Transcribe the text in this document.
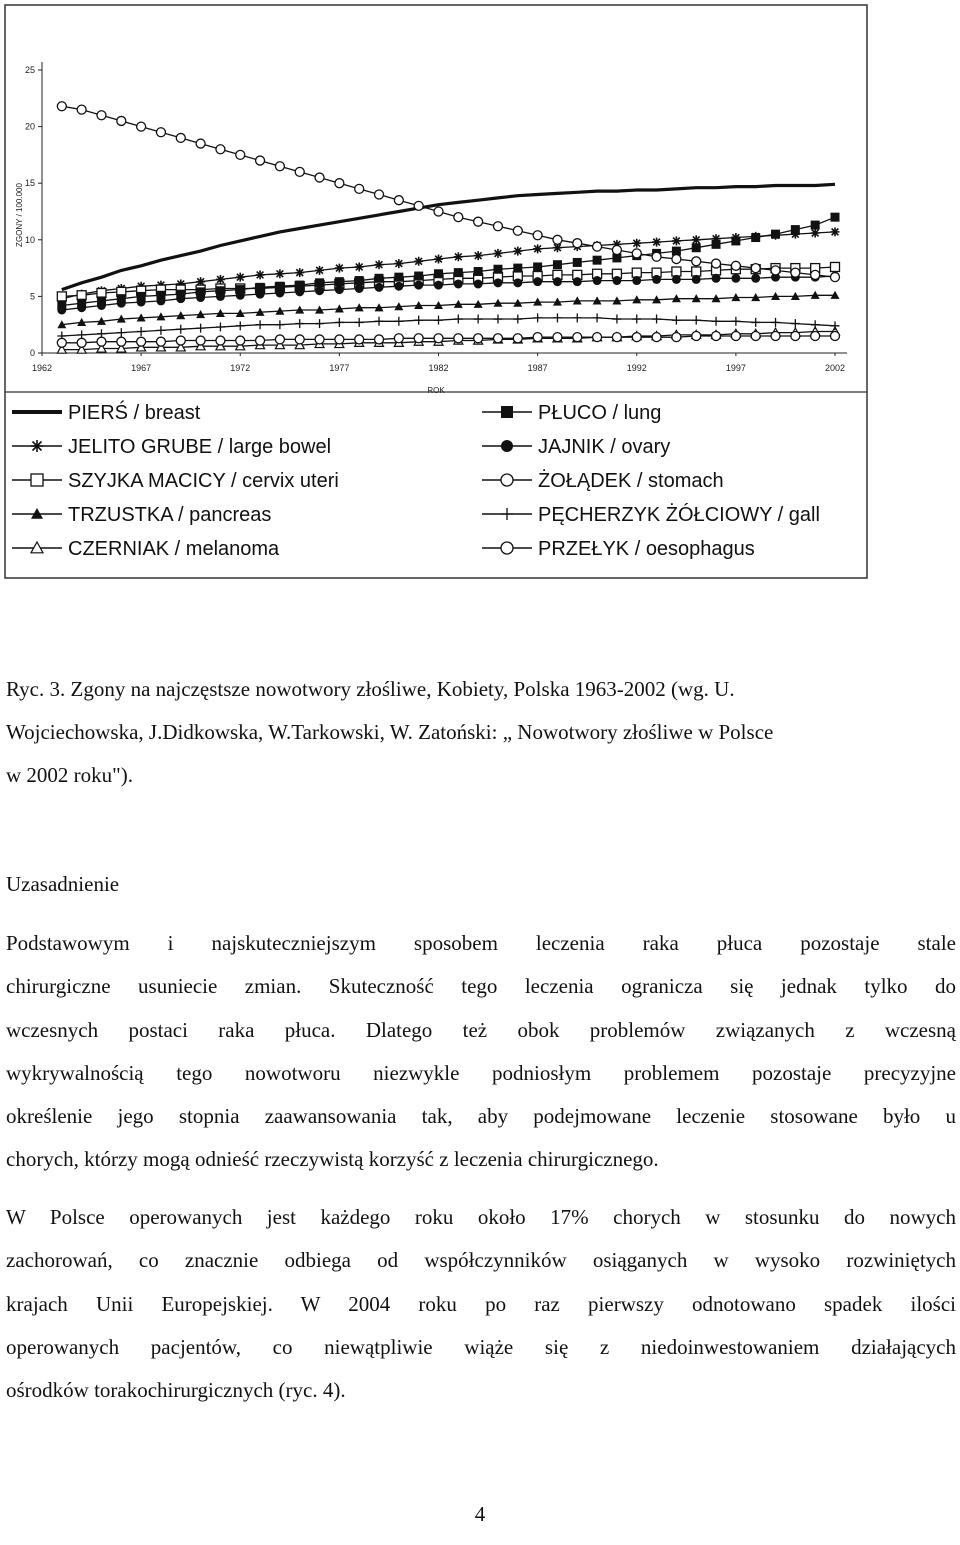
0
5
10
15
20
25
1962	1967	1972	1977	1982	1987	1992	1997	2002
ROK
ZGONY / 100.000
PIERŚ / breast
JELITO GRUBE / large bowel
SZYJKA MACICY / cervix uteri
TRZUSTKA / pancreas
CZERNIAK / melanoma
PŁUCO / lung
JAJNIK / ovary
ŻOŁĄDEK / stomach
PĘCHERZYK ŻÓŁCIOWY / gall
PRZEŁYK / oesophagus
Ryc. 3. Zgony na najczęstsze nowotwory złośliwe, Kobiety, Polska 1963-2002 (wg. U.
Wojciechowska, J.Didkowska, W.Tarkowski, W. Zatoński: „ Nowotwory złośliwe w Polsce
w 2002 roku").
Uzasadnienie
Podstawowym i najskuteczniejszym sposobem leczenia raka płuca pozostaje stale
chirurgiczne usuniecie zmian. Skuteczność tego leczenia ogranicza się jednak tylko do
wczesnych postaci raka płuca. Dlatego też obok problemów związanych z wczesną
wykrywalnością tego nowotworu niezwykle podniosłym problemem pozostaje precyzyjne
określenie jego stopnia zaawansowania tak, aby podejmowane leczenie stosowane było u
chorych, którzy mogą odnieść rzeczywistą korzyść z leczenia chirurgicznego.
W Polsce operowanych jest każdego roku około 17% chorych w stosunku do nowych
zachorowań, co znacznie odbiega od współczynników osiąganych w wysoko rozwiniętych
krajach Unii Europejskiej. W 2004 roku po raz pierwszy odnotowano spadek ilości
operowanych pacjentów, co niewątpliwie wiąże się z niedoinwestowaniem działających
ośrodków torakochirurgicznych (ryc. 4).
4
